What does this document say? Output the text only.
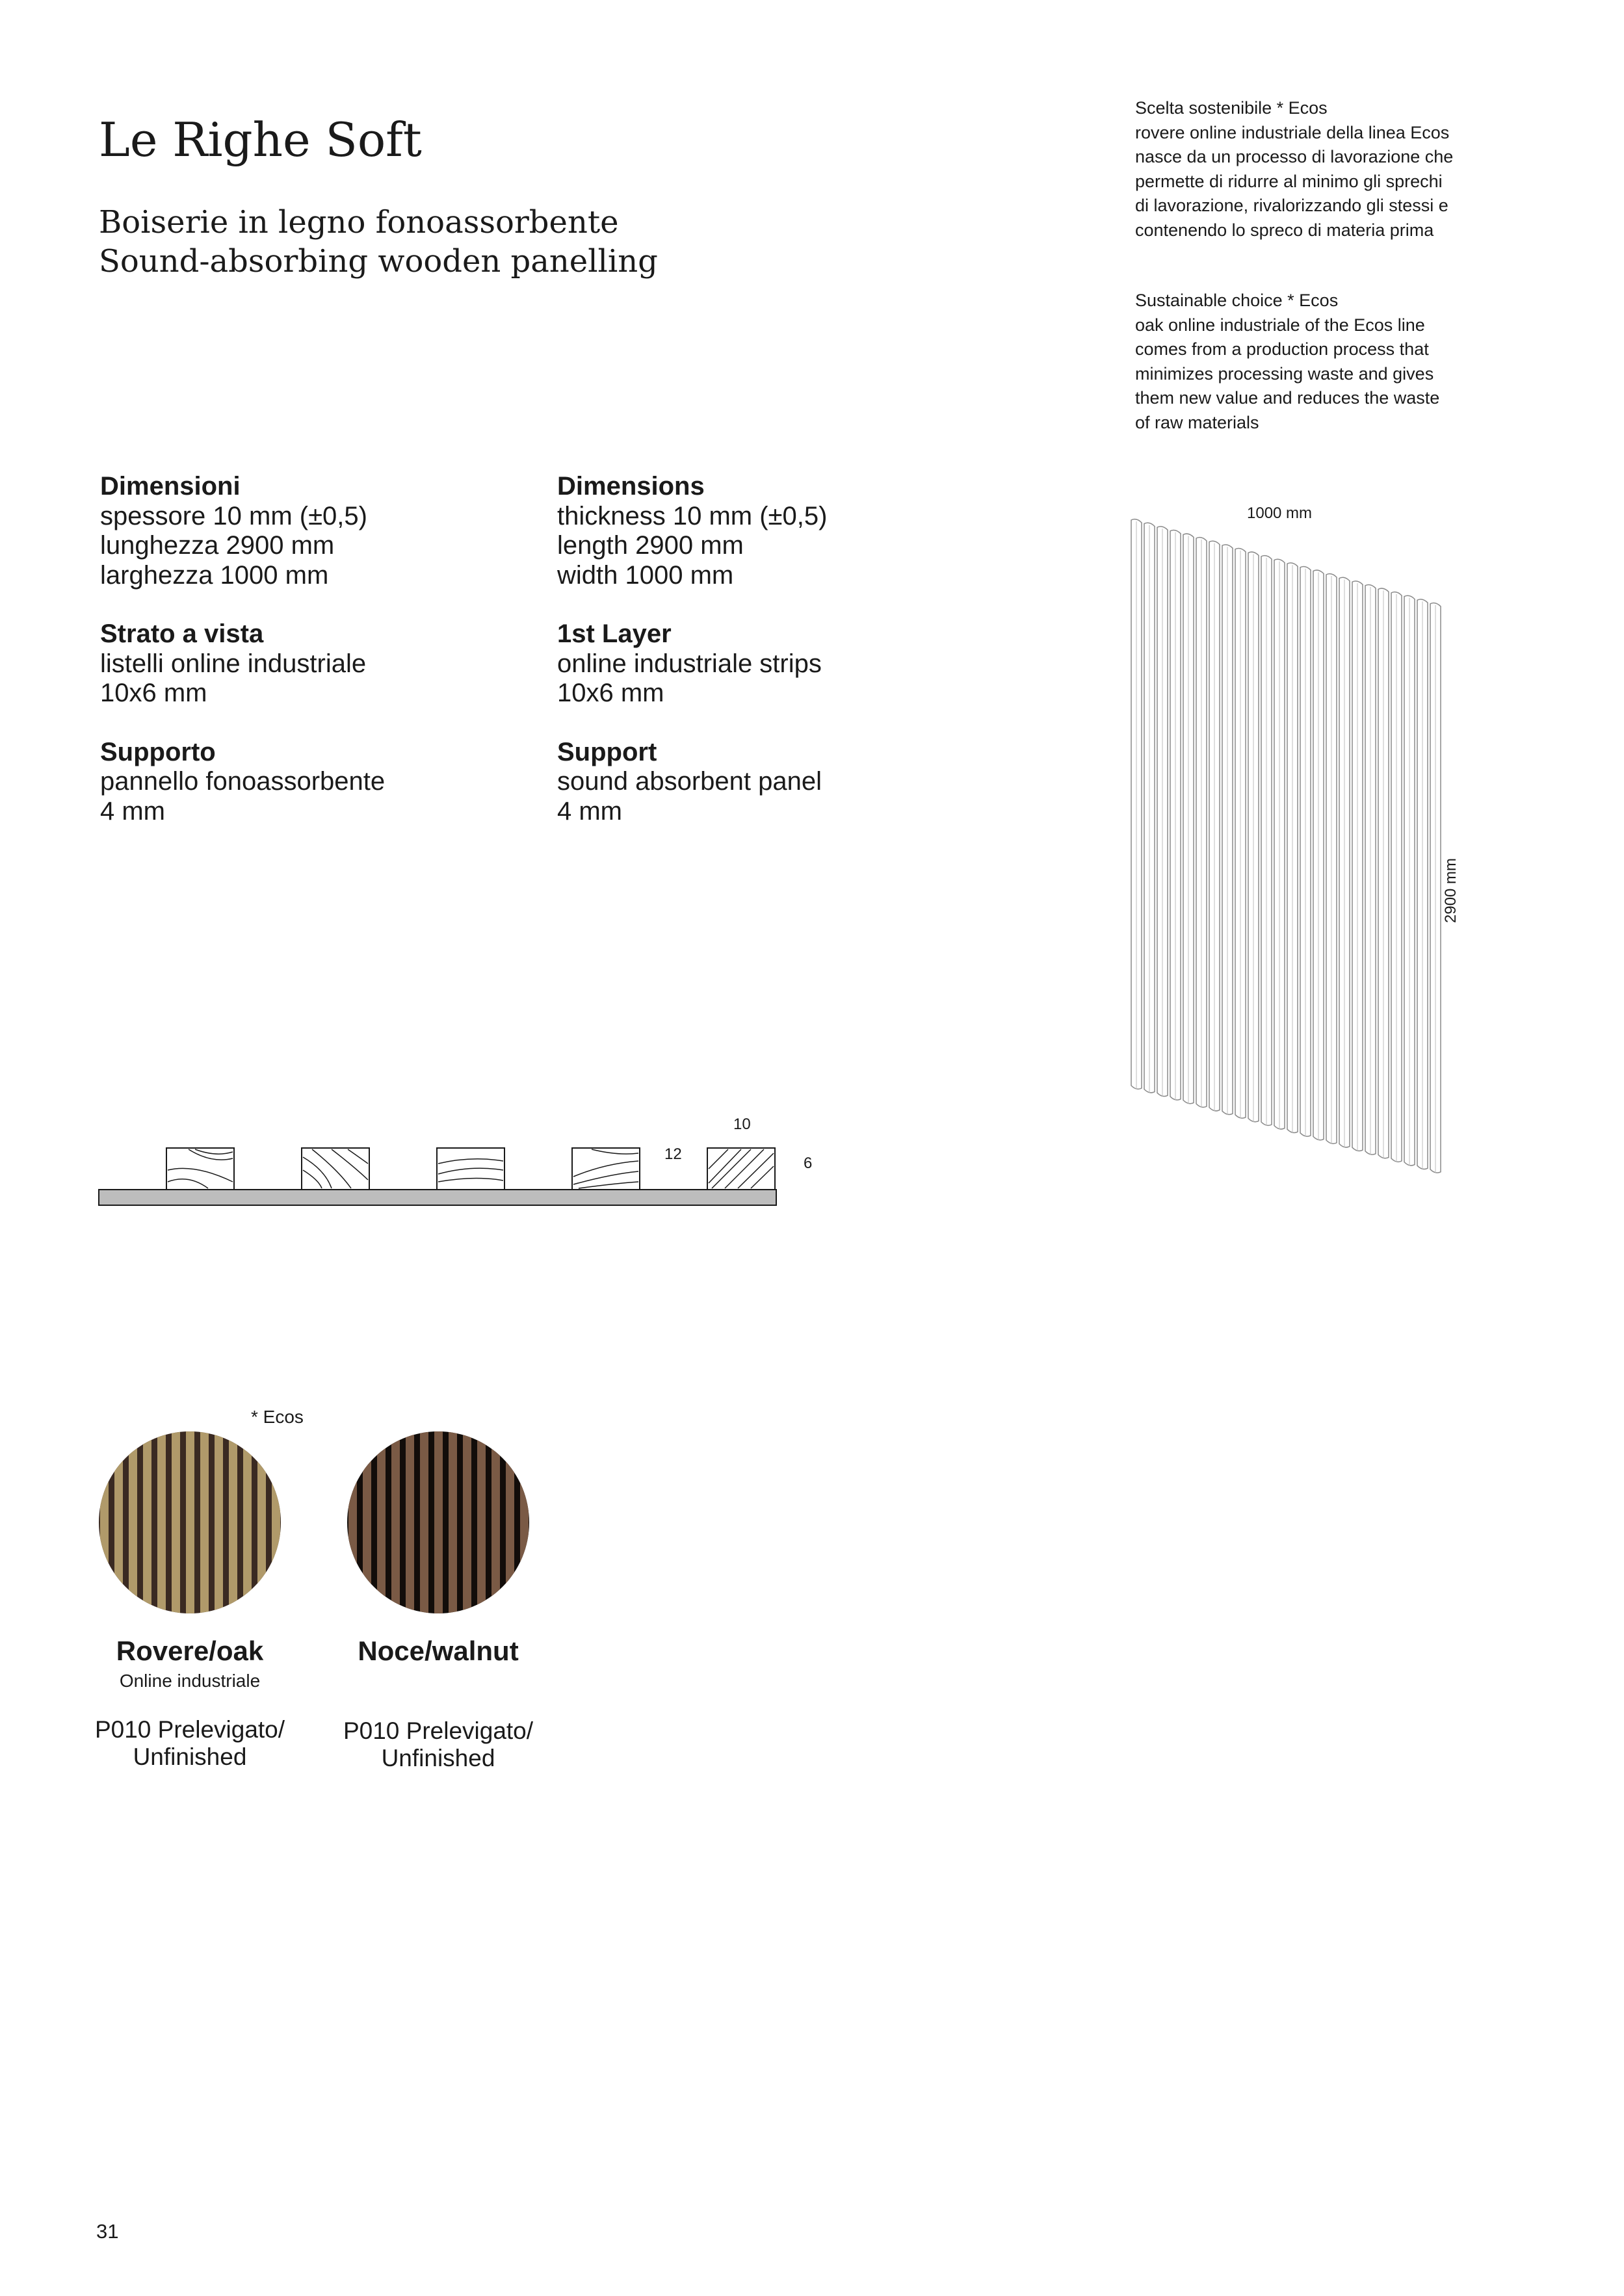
Le Righe Soft
Boiserie in legno fonoassorbente
Sound-absorbing wooden panelling
Scelta sostenibile * Ecos
rovere online industriale della linea Ecos
nasce da un processo di lavorazione che
permette di ridurre al minimo gli sprechi
di lavorazione, rivalorizzando gli stessi e
contenendo lo spreco di materia prima
Sustainable choice * Ecos
oak online industriale of the Ecos line
comes from a production process that
minimizes processing waste and gives
them new value and reduces the waste
of raw materials
Dimensioni
spessore 10 mm (±0,5)
lunghezza 2900 mm
larghezza 1000 mm
Strato a vista
listelli online industriale
10x6 mm
Supporto
pannello fonoassorbente
4 mm
Dimensions
thickness 10 mm (±0,5)
length 2900 mm
width 1000 mm
1st Layer
online industriale strips
10x6 mm
Support
sound absorbent panel
4 mm
1000 mm
2900 mm
10
12
6
* Ecos
Rovere/oak
Online industriale
P010 Prelevigato/
Unfinished
Noce/walnut
P010 Prelevigato/
Unfinished
31
